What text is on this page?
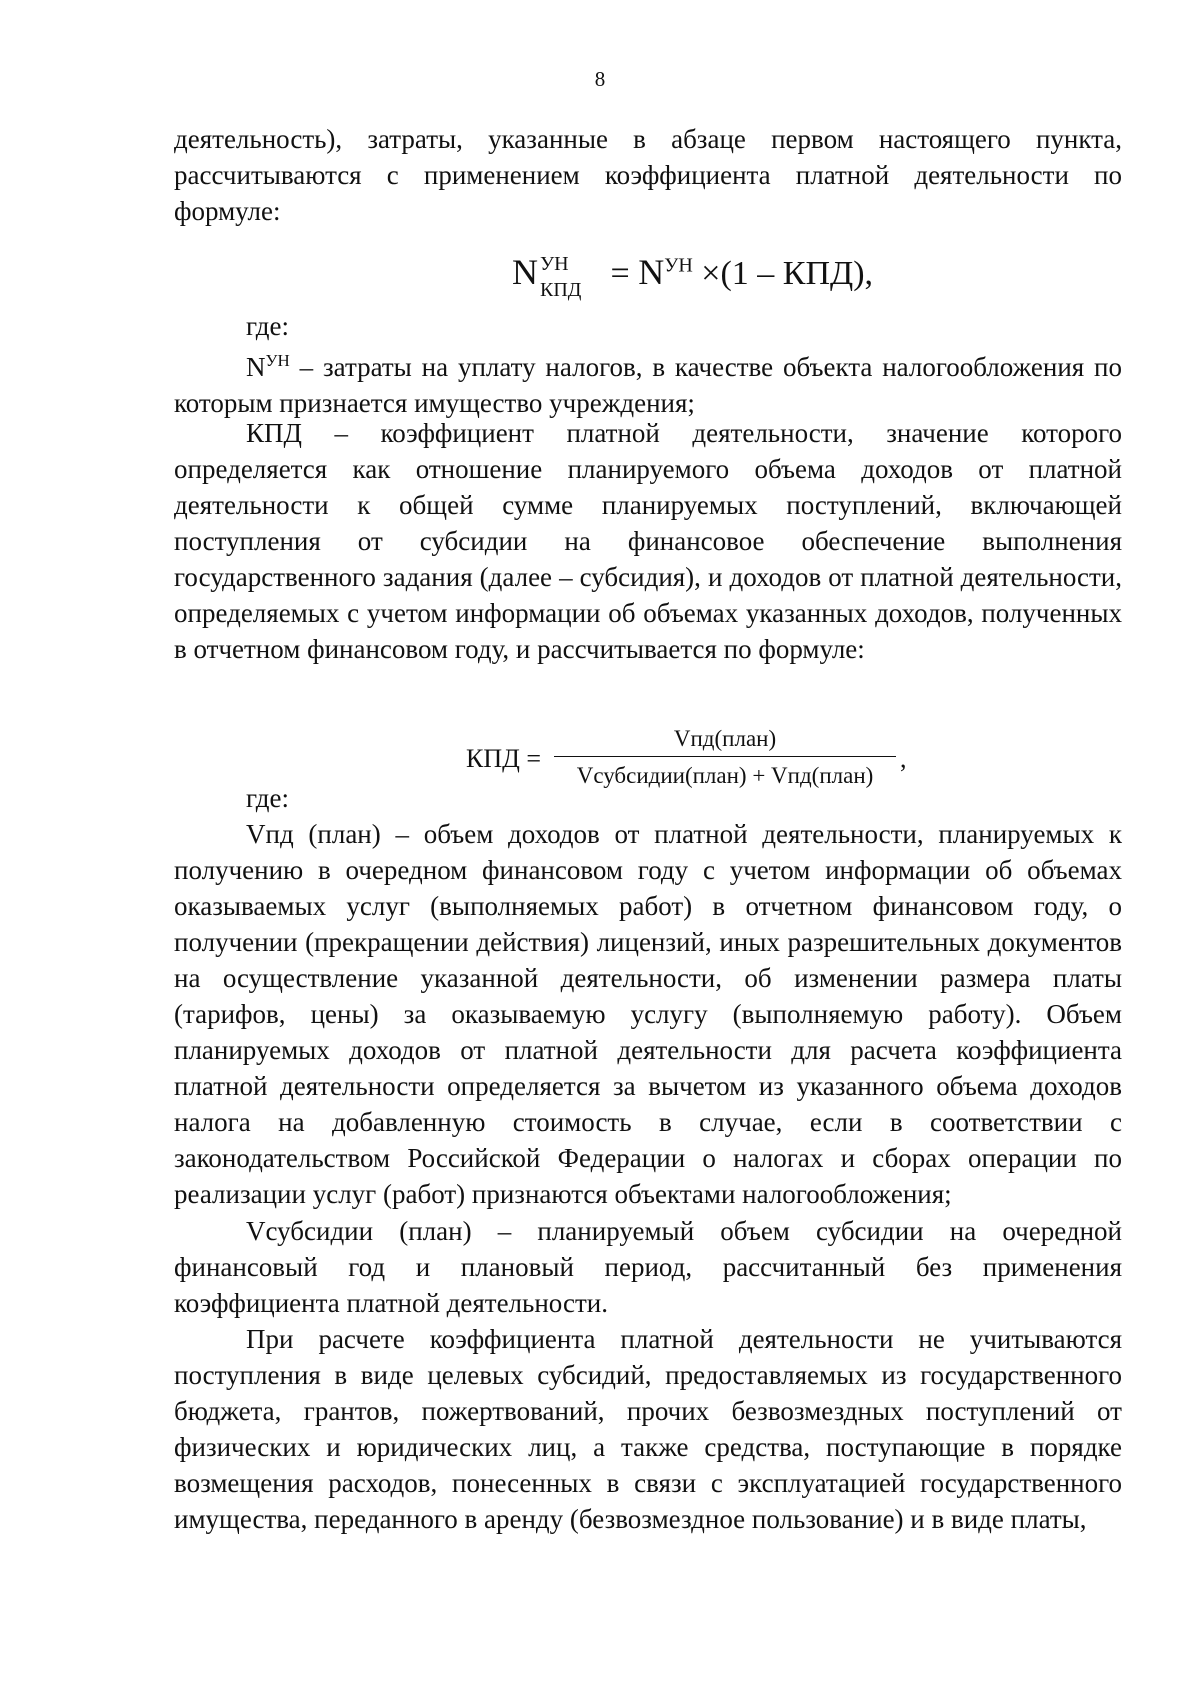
8

деятельность), затраты, указанные в абзаце первом настоящего пункта, рассчитываются с применением коэффициента платной деятельности по формуле:

N УН
КПД = $N^{УН} \times(1 - КПД)$,
где:

$N^{УН}$ – затраты на уплату налогов, в качестве объекта налогообложения по которым признается имущество учреждения;

КПД – коэффициент платной деятельности, значение которого определяется как отношение планируемого объема доходов от платной деятельности к общей сумме планируемых поступлений, включающей поступления от субсидии на финансовое обеспечение выполнения государственного задания (далее – субсидия), и доходов от платной деятельности, определяемых с учетом информации об объемах указанных доходов, полученных в отчетном финансовом году, и рассчитывается по формуле:

КПД =
Vпд(план)
Vсубсидии(план) + Vпд(план)
,
где:

Vпд (план) – объем доходов от платной деятельности, планируемых к получению в очередном финансовом году с учетом информации об объемах оказываемых услуг (выполняемых работ) в отчетном финансовом году, о получении (прекращении действия) лицензий, иных разрешительных документов на осуществление указанной деятельности, об изменении размера платы (тарифов, цены) за оказываемую услугу (выполняемую работу). Объем планируемых доходов от платной деятельности для расчета коэффициента платной деятельности определяется за вычетом из указанного объема доходов налога на добавленную стоимость в случае, если в соответствии с законодательством Российской Федерации о налогах и сборах операции по реализации услуг (работ) признаются объектами налогообложения;

Vсубсидии (план) – планируемый объем субсидии на очередной финансовый год и плановый период, рассчитанный без применения коэффициента платной деятельности.

При расчете коэффициента платной деятельности не учитываются поступления в виде целевых субсидий, предоставляемых из государственного бюджета, грантов, пожертвований, прочих безвозмездных поступлений от физических и юридических лиц, а также средства, поступающие в порядке возмещения расходов, понесенных в связи с эксплуатацией государственного имущества, переданного в аренду (безвозмездное пользование) и в виде платы,
